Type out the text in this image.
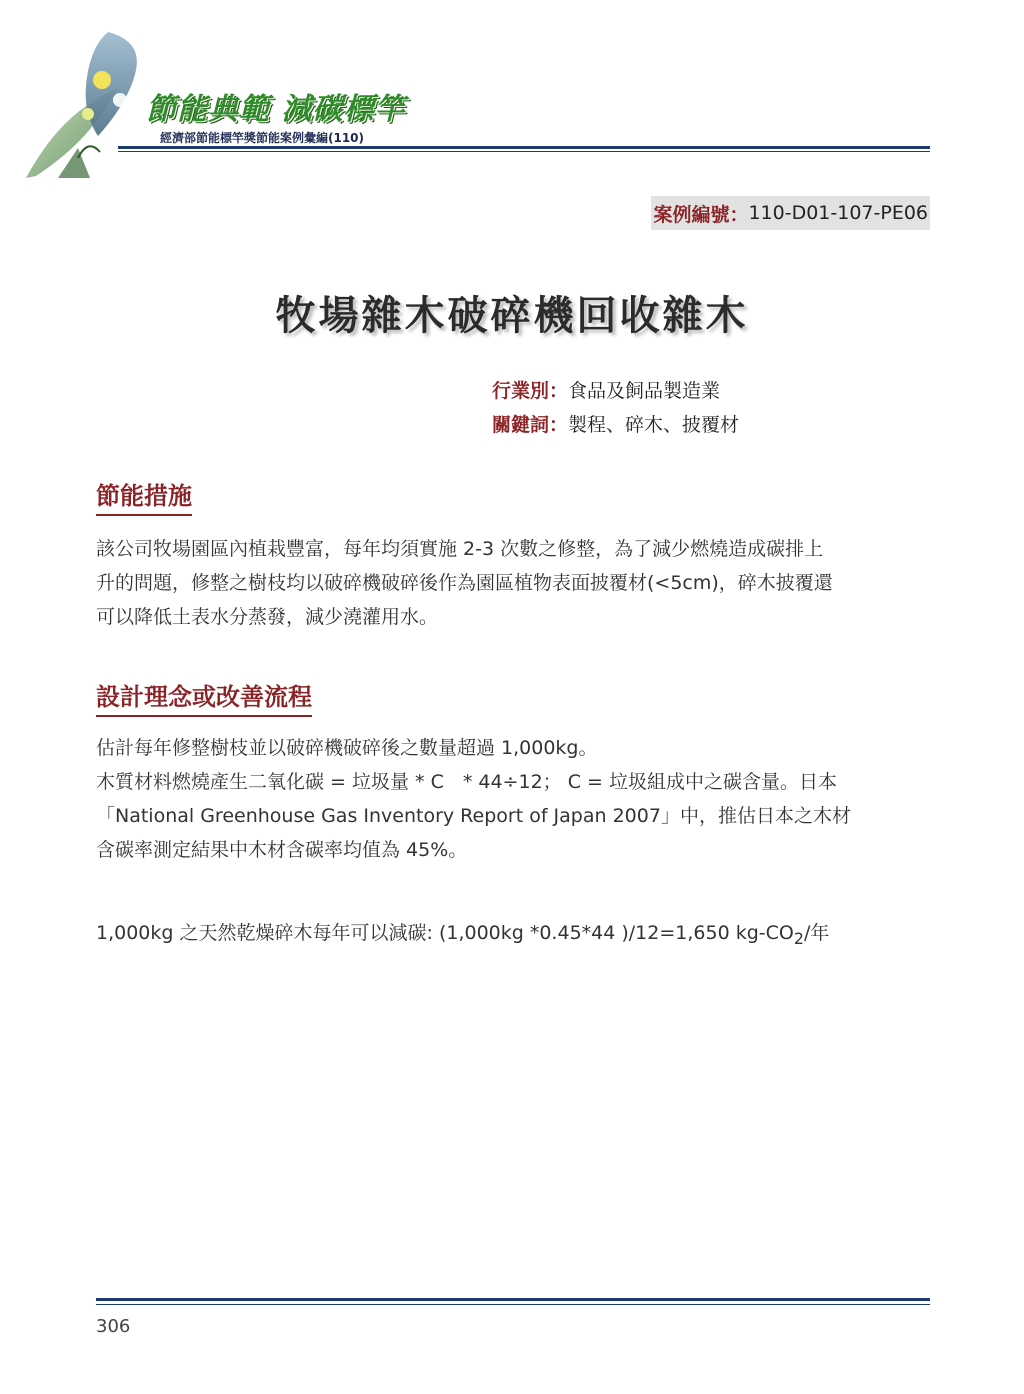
節能典範 減碳標竿
經濟部節能標竿獎節能案例彙編(110)
案例編號： 110-D01-107-PE06
牧場雜木破碎機回收雜木
行業別：食品及飼品製造業
關鍵詞：製程、碎木、披覆材
節能措施
該公司牧場園區內植栽豐富，每年均須實施 2-3 次數之修整，為了減少燃燒造成碳排上
升的問題，修整之樹枝均以破碎機破碎後作為園區植物表面披覆材(<5cm)，碎木披覆還
可以降低土表水分蒸發，減少澆灌用水。
設計理念或改善流程
估計每年修整樹枝並以破碎機破碎後之數量超過 1,000kg。
木質材料燃燒產生二氧化碳 = 垃圾量 * C　* 44÷12； C = 垃圾組成中之碳含量。日本
「National Greenhouse Gas Inventory Report of Japan 2007」中，推估日本之木材
含碳率測定結果中木材含碳率均值為 45%。
1,000kg 之天然乾燥碎木每年可以減碳: (1,000kg *0.45*44 )/12=1,650 $kg-CO_2/$年
306
